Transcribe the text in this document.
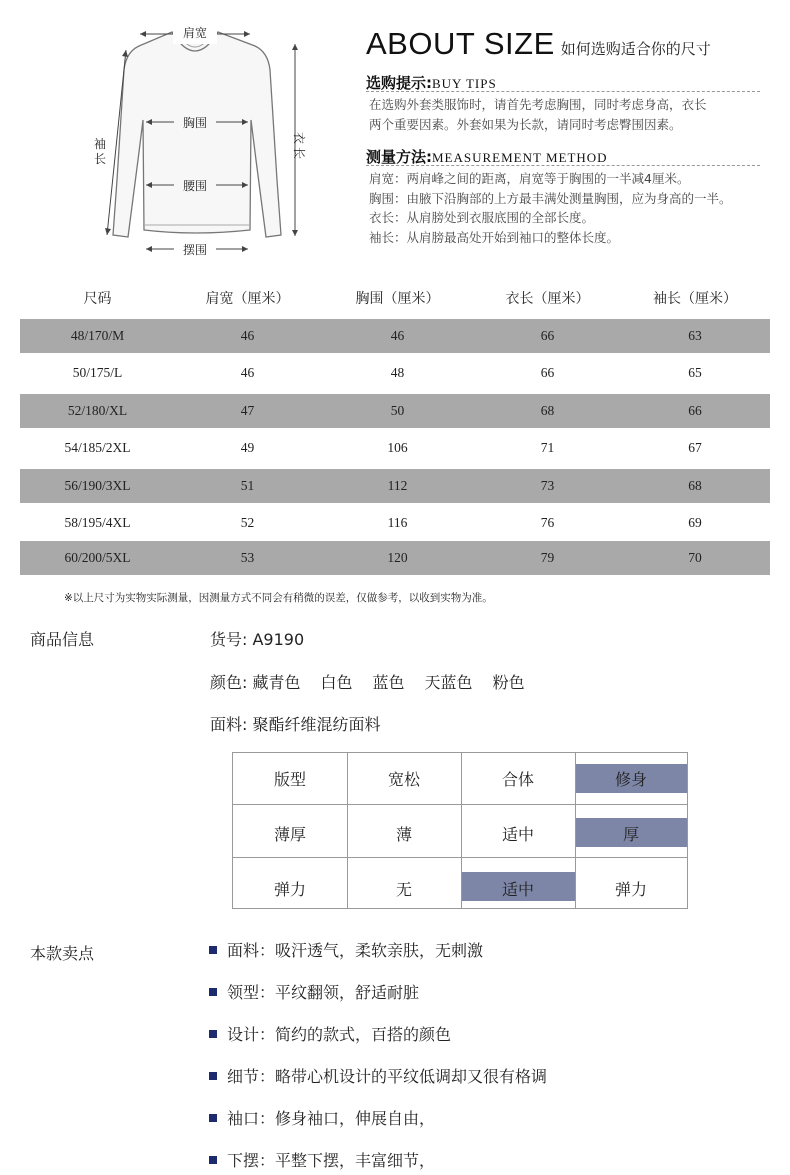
肩宽
胸围
腰围
摆围
袖
长
衣
长
ABOUT SIZE 如何选购适合你的尺寸
选购提示:BUY TIPS
在选购外套类服饰时，请首先考虑胸围，同时考虑身高，衣长
两个重要因素。外套如果为长款，请同时考虑臀围因素。
测量方法:MEASUREMENT METHOD
肩宽：两肩峰之间的距离，肩宽等于胸围的一半减4厘米。
胸围：由腋下沿胸部的上方最丰满处测量胸围，应为身高的一半。
衣长：从肩膀处到衣服底围的全部长度。
袖长：从肩膀最高处开始到袖口的整体长度。
尺码	肩宽（厘米）	胸围（厘米）	衣长（厘米）	袖长（厘米）
48/170/M	46	46	66	63
50/175/L	46	48	66	65
52/180/XL	47	50	68	66
54/185/2XL	49	106	71	67
56/190/3XL	51	112	73	68
58/195/4XL	52	116	76	69
60/200/5XL	53	120	79	70
※以上尺寸为实物实际测量，因测量方式不同会有稍微的误差，仅做参考，以收到实物为准。
商品信息	货号: A9190
颜色: 藏青色 白色 蓝色 天蓝色 粉色
面料: 聚酯纤维混纺面料
版型	宽松	合体	修身
薄厚	薄	适中	厚
弹力	无	适中	弹力
本款卖点	面料：吸汗透气，柔软亲肤，无刺激
领型：平纹翻领，舒适耐脏
设计：简约的款式，百搭的颜色
细节：略带心机设计的平纹低调却又很有格调
袖口：修身袖口，伸展自由，
下摆：平整下摆，丰富细节，
